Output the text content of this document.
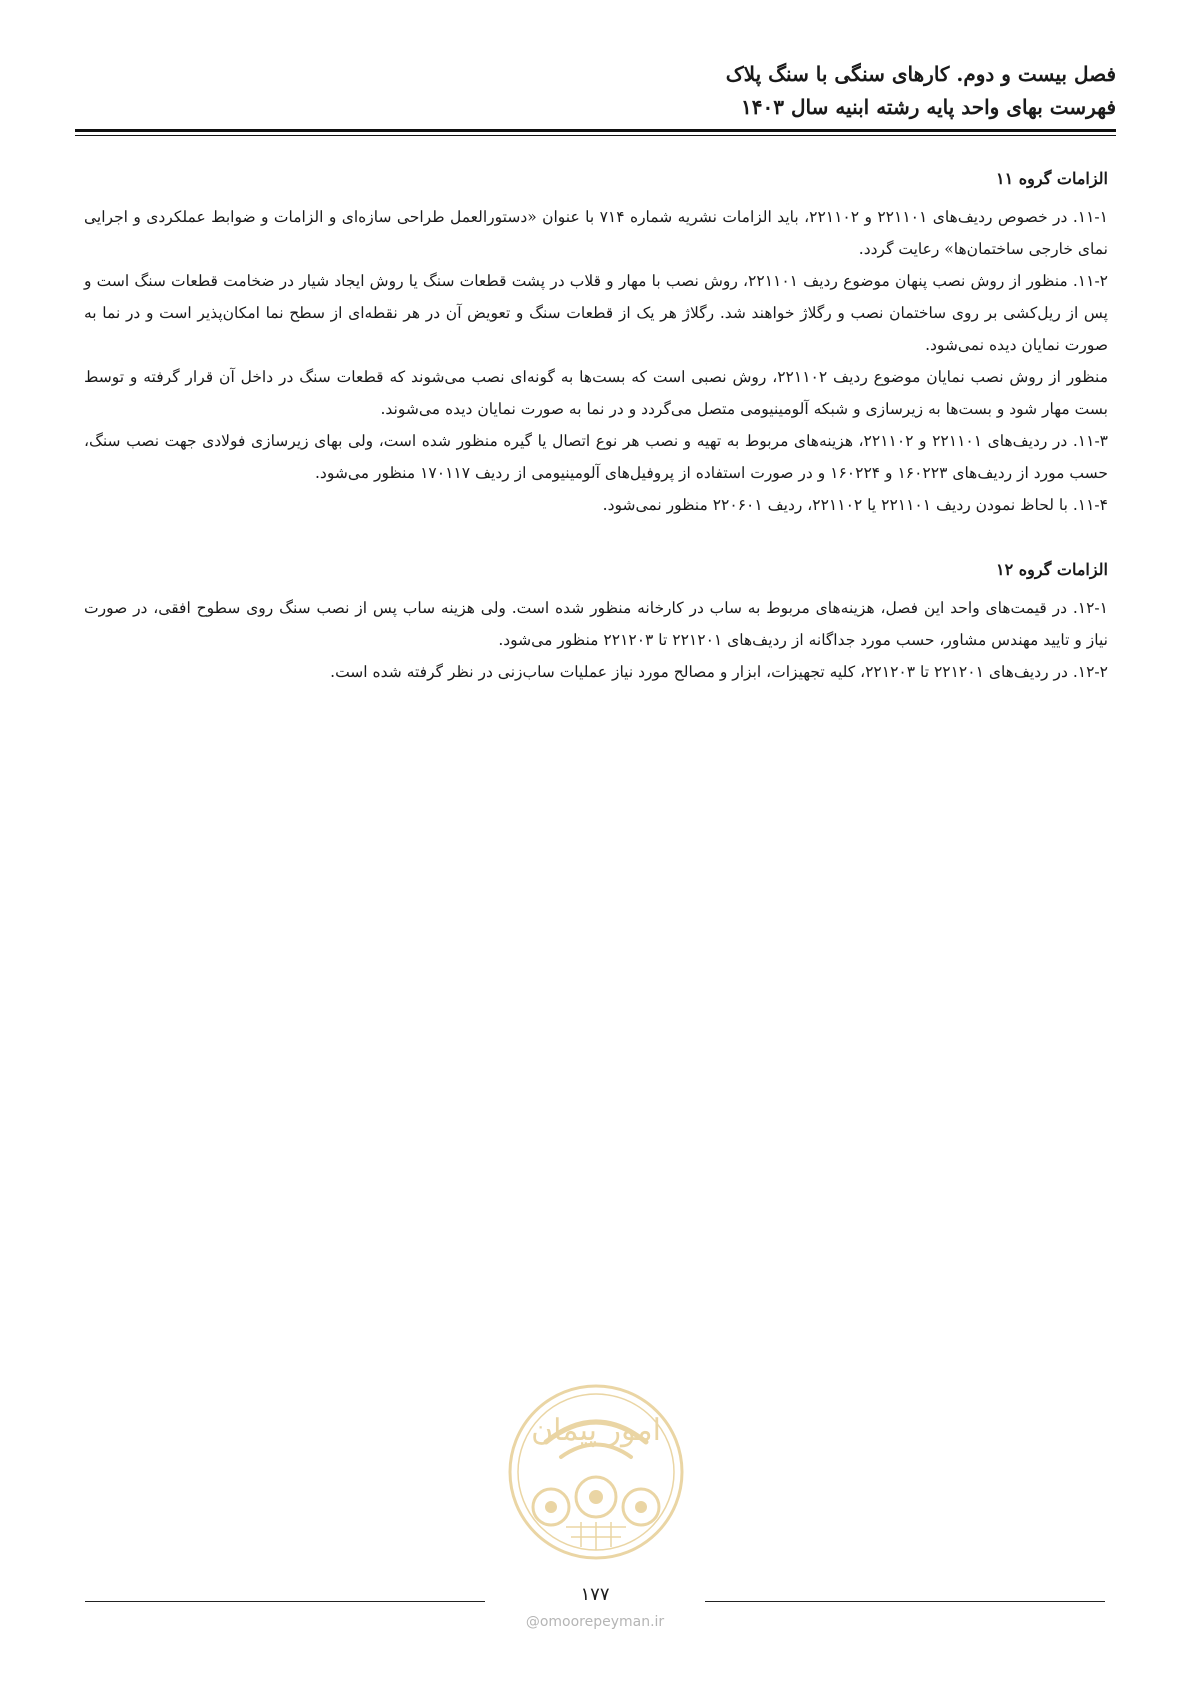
فصل بیست و دوم. کارهای سنگی با سنگ پلاک
فهرست بهای واحد پایه رشته ابنیه سال ۱۴۰۳
الزامات گروه ۱۱

۱۱-۱. در خصوص ردیف‌های ۲۲۱۱۰۱ و ۲۲۱۱۰۲، باید الزامات نشریه شماره ۷۱۴ با عنوان «دستورالعمل طراحی سازه‌ای و الزامات و ضوابط عملکردی و اجرایی نمای خارجی ساختمان‌ها» رعایت گردد.

۱۱-۲. منظور از روش نصب پنهان موضوع ردیف ۲۲۱۱۰۱، روش نصب با مهار و قلاب در پشت قطعات سنگ یا روش ایجاد شیار در ضخامت قطعات سنگ است و پس از ریل‌کشی بر روی ساختمان نصب و رگلاژ خواهند شد. رگلاژ هر یک از قطعات سنگ و تعویض آن در هر نقطه‌ای از سطح نما امکان‌پذیر است و در نما به صورت نمایان دیده نمی‌شود.

منظور از روش نصب نمایان موضوع ردیف ۲۲۱۱۰۲، روش نصبی است که بست‌ها به گونه‌ای نصب می‌شوند که قطعات سنگ در داخل آن قرار گرفته و توسط بست مهار شود و بست‌ها به زیرسازی و شبکه آلومینیومی متصل می‌گردد و در نما به صورت نمایان دیده می‌شوند.

۱۱-۳. در ردیف‌های ۲۲۱۱۰۱ و ۲۲۱۱۰۲، هزینه‌های مربوط به تهیه و نصب هر نوع اتصال یا گیره منظور شده است، ولی بهای زیرسازی فولادی جهت نصب سنگ، حسب مورد از ردیف‌های ۱۶۰۲۲۳ و ۱۶۰۲۲۴ و در صورت استفاده از پروفیل‌های آلومینیومی از ردیف ۱۷۰۱۱۷ منظور می‌شود.

۱۱-۴. با لحاظ نمودن ردیف ۲۲۱۱۰۱ یا ۲۲۱۱۰۲، ردیف ۲۲۰۶۰۱ منظور نمی‌شود.

الزامات گروه ۱۲

۱۲-۱. در قیمت‌های واحد این فصل، هزینه‌های مربوط به ساب در کارخانه منظور شده است. ولی هزینه ساب پس از نصب سنگ روی سطوح افقی، در صورت نیاز و تایید مهندس مشاور، حسب مورد جداگانه از ردیف‌های ۲۲۱۲۰۱ تا ۲۲۱۲۰۳ منظور می‌شود.

۱۲-۲. در ردیف‌های ۲۲۱۲۰۱ تا ۲۲۱۲۰۳، کلیه تجهیزات، ابزار و مصالح مورد نیاز عملیات ساب‌زنی در نظر گرفته شده است.

امور پیمان
۱۷۷
@omoorepeyman.ir
